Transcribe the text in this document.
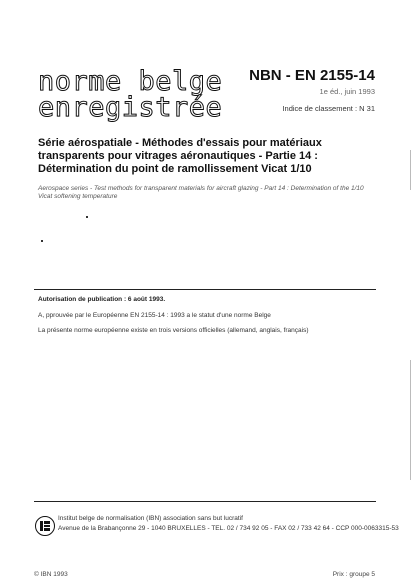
norme belge
enregistrée
NBN - EN 2155-14
1e éd., juin 1993
Indice de classement : N 31
Série aérospatiale - Méthodes d'essais pour matériaux transparents pour vitrages aéronautiques - Partie 14 : Détermination du point de ramollissement Vicat 1/10
Aerospace series - Test methods for transparent materials for aircraft glazing - Part 14 : Determination of the 1/10 Vicat softening temperature
Autorisation de publication : 6 août 1993.
A, pprouvée par le Européenne EN 2155-14 : 1993 a le statut d'une norme Belge
La présente norme européenne existe en trois versions officielles (allemand, anglais, français)
Institut belge de normalisation (IBN) association sans but lucratif
Avenue de la Brabançonne 29 - 1040 BRUXELLES - TEL. 02 / 734 92 05 - FAX 02 / 733 42 64 - CCP 000-0063315-53
© IBN 1993	Prix : groupe 5
